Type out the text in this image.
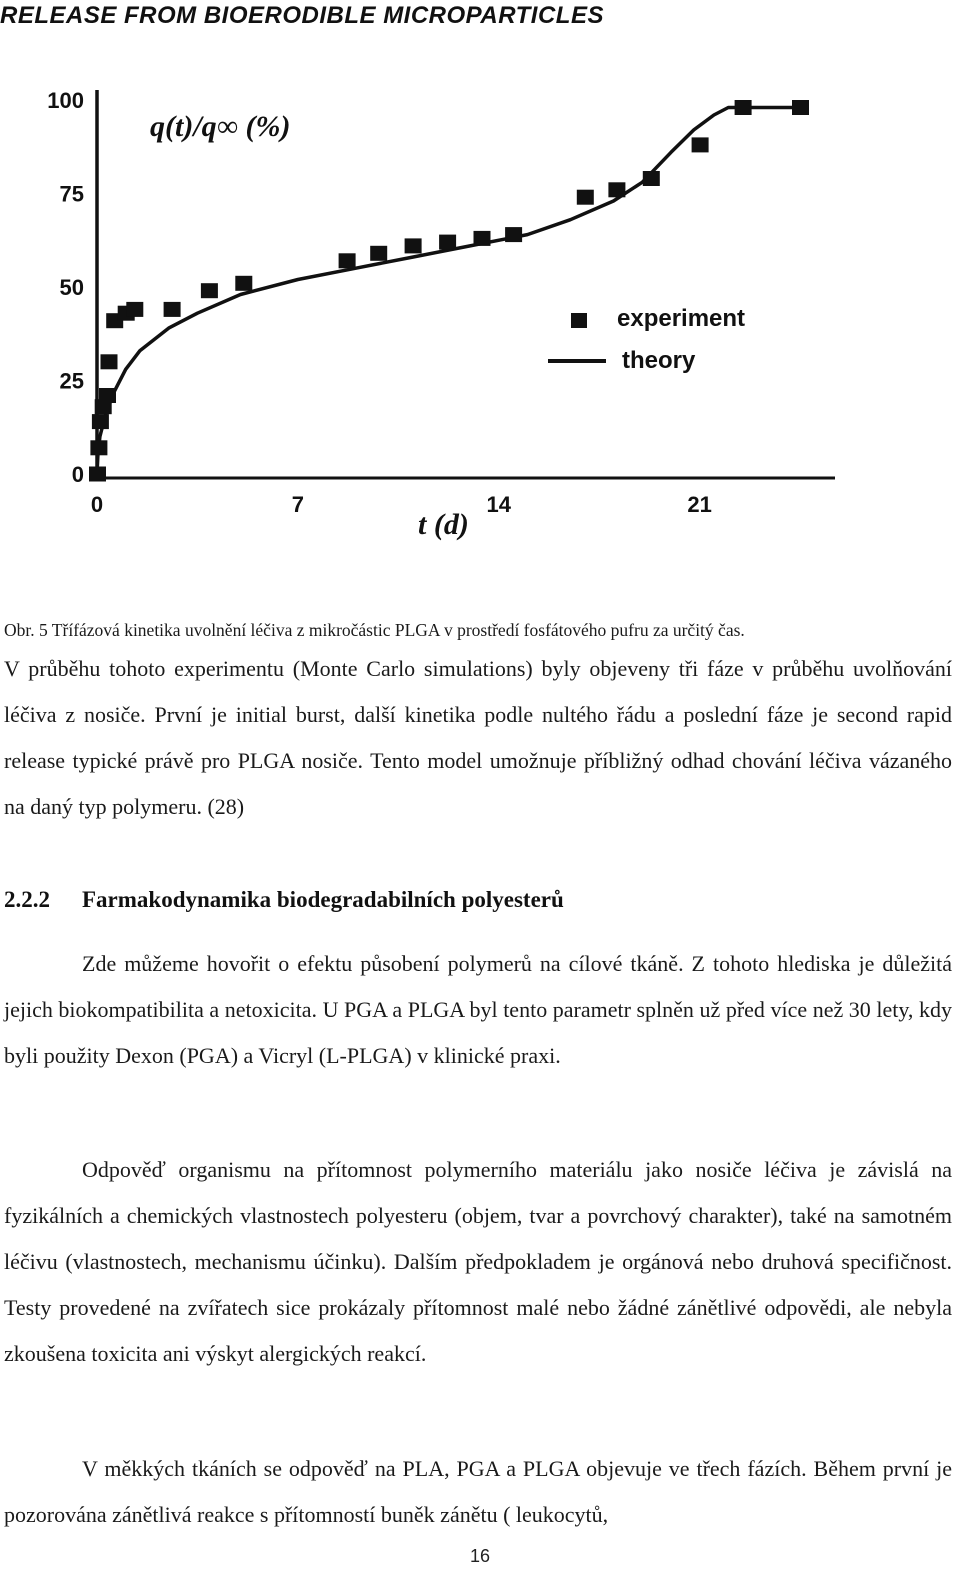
RELEASE FROM BIOERODIBLE MICROPARTICLES
0	7	14	21
0
25
50
75
100
q(t)/q∞ (%)
t (d)
experiment
theory

Obr. 5 Třífázová kinetika uvolnění léčiva z mikročástic PLGA v prostředí fosfátového pufru za určitý čas.

V průběhu tohoto experimentu (Monte Carlo simulations) byly objeveny tři fáze v průběhu uvolňování léčiva z nosiče. První je initial burst, další kinetika podle nultého řádu a poslední fáze je second rapid release typické právě pro PLGA nosiče. Tento model umožnuje příbližný odhad chování léčiva vázaného na daný typ polymeru. (28)

2.2.2 Farmakodynamika biodegradabilních polyesterů

Zde můžeme hovořit o efektu působení polymerů na cílové tkáně. Z tohoto hlediska je důležitá jejich biokompatibilita a netoxicita. U PGA a PLGA byl tento parametr splněn už před více než 30 lety, kdy byli použity Dexon (PGA) a Vicryl (L-PLGA) v klinické praxi.

Odpověď organismu na přítomnost polymerního materiálu jako nosiče léčiva je závislá na fyzikálních a chemických vlastnostech polyesteru (objem, tvar a povrchový charakter), také na samotném léčivu (vlastnostech, mechanismu účinku). Dalším předpokladem je orgánová nebo druhová specifičnost. Testy provedené na zvířatech sice prokázaly přítomnost malé nebo žádné zánětlivé odpovědi, ale nebyla zkoušena toxicita ani výskyt alergických reakcí.

V měkkých tkáních se odpověď na PLA, PGA a PLGA objevuje ve třech fázích. Během první je pozorována zánětlivá reakce s přítomností buněk zánětu ( leukocytů,

16
